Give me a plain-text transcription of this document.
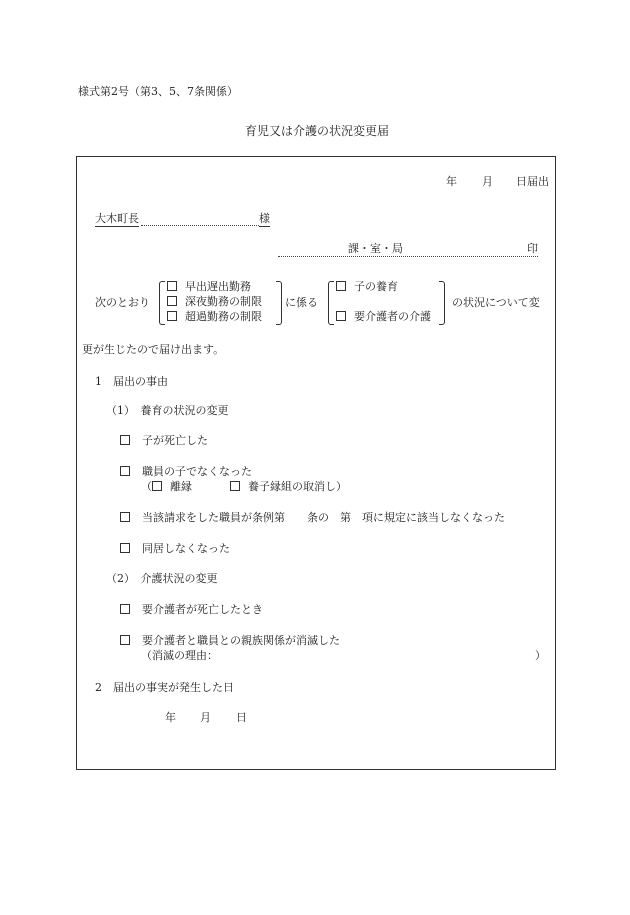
様式第2号（第3、5、7条関係）
育児又は介護の状況変更届
年 月 日届出
大木町長	様
課・室・局	印
次のとおり
早出遅出勤務
深夜勤務の制限
超過勤務の制限
に係る
子の養育
要介護者の介護
の状況について変
更が生じたので届け出ます。
1　届出の事由
（1）　養育の状況の変更
子が死亡した
職員の子でなくなった
（ 離縁	養子縁組の取消し）
当該請求をした職員が条例第　　条の　第　項に規定に該当しなくなった
同居しなくなった
（2）　介護状況の変更
要介護者が死亡したとき
要介護者と職員との親族関係が消滅した
（消滅の理由：	）
2　届出の事実が発生した日
年 月 日
